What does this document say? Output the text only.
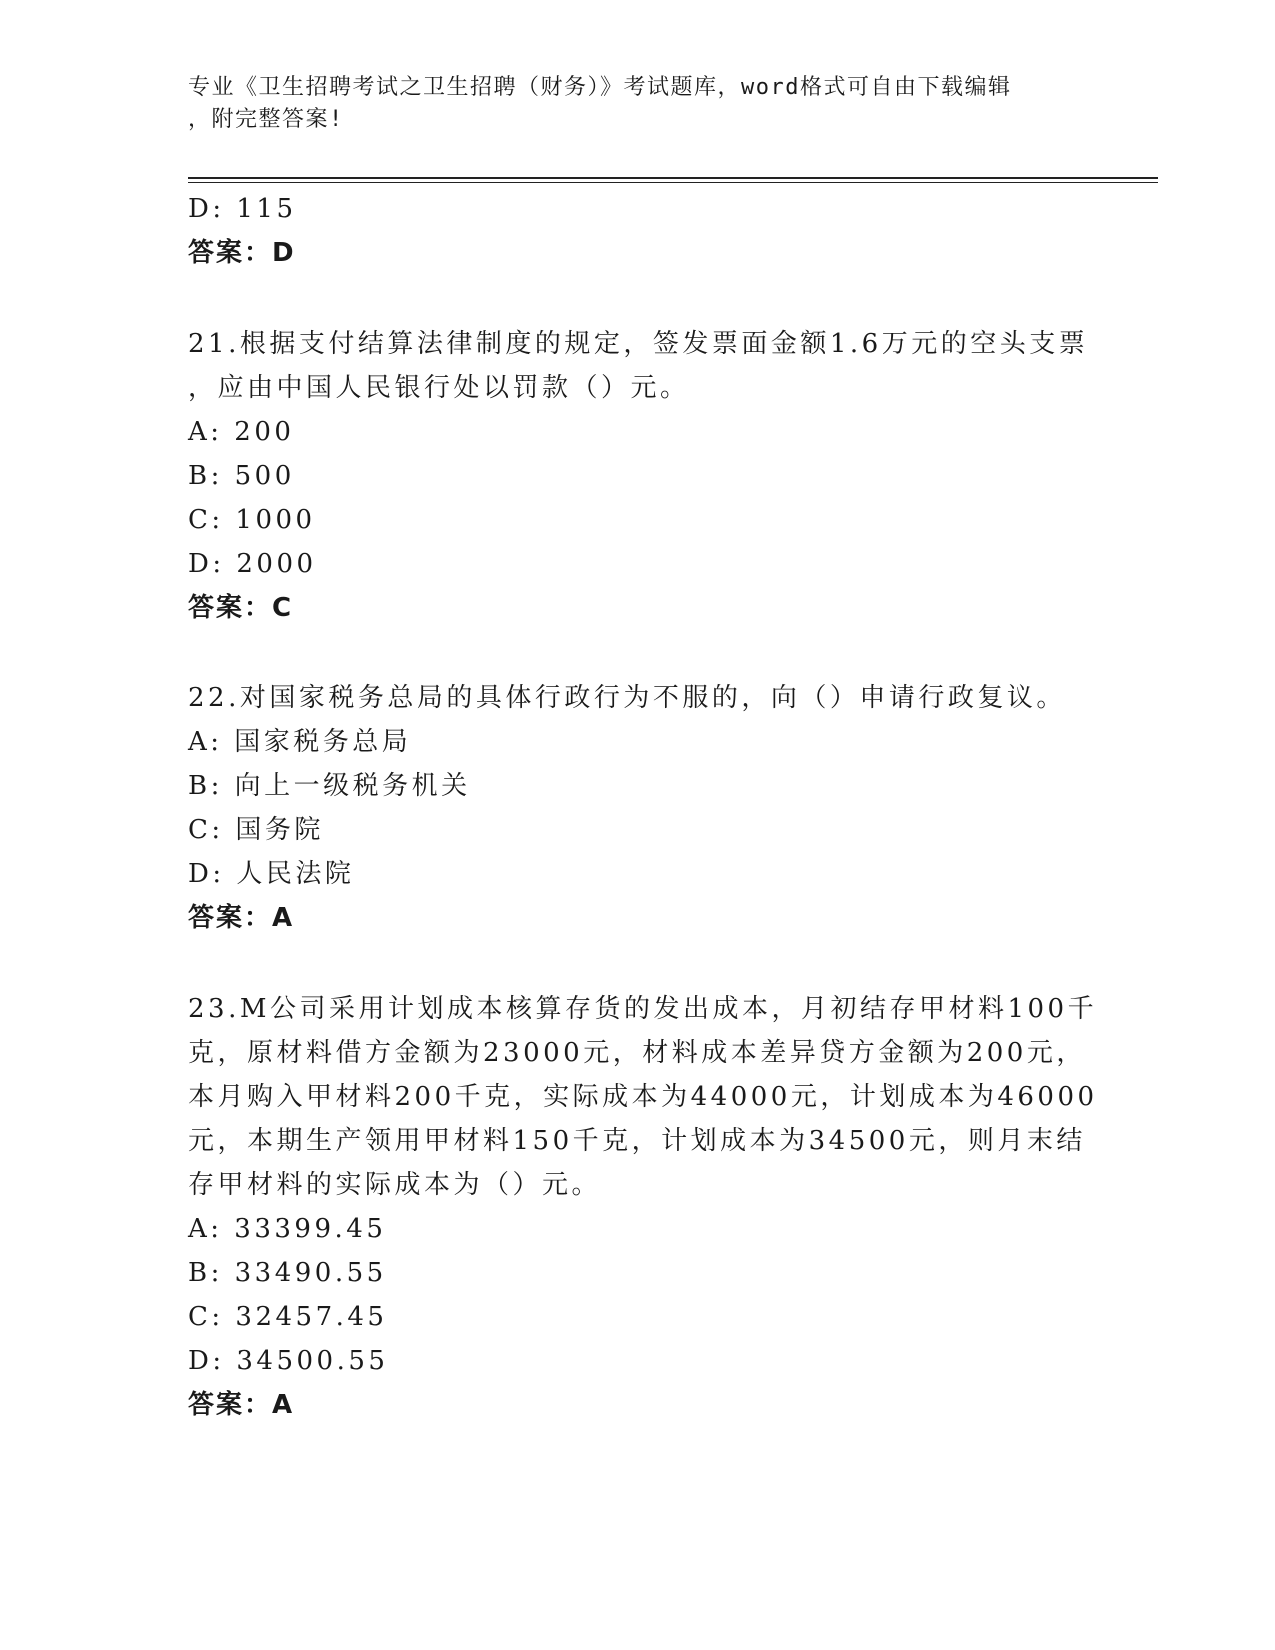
专业《卫生招聘考试之卫生招聘（财务）》考试题库，word格式可自由下载编辑
，附完整答案!
D: 115
答案：D
21.根据支付结算法律制度的规定，签发票面金额1.6万元的空头支票
，应由中国人民银行处以罚款（）元。
A: 200
B: 500
C: 1000
D: 2000
答案：C
22.对国家税务总局的具体行政行为不服的，向（）申请行政复议。
A: 国家税务总局
B: 向上一级税务机关
C: 国务院
D: 人民法院
答案：A
23.M公司采用计划成本核算存货的发出成本，月初结存甲材料100千
克，原材料借方金额为23000元，材料成本差异贷方金额为200元，
本月购入甲材料200千克，实际成本为44000元，计划成本为46000
元，本期生产领用甲材料150千克，计划成本为34500元，则月末结
存甲材料的实际成本为（）元。
A: 33399.45
B: 33490.55
C: 32457.45
D: 34500.55
答案：A
